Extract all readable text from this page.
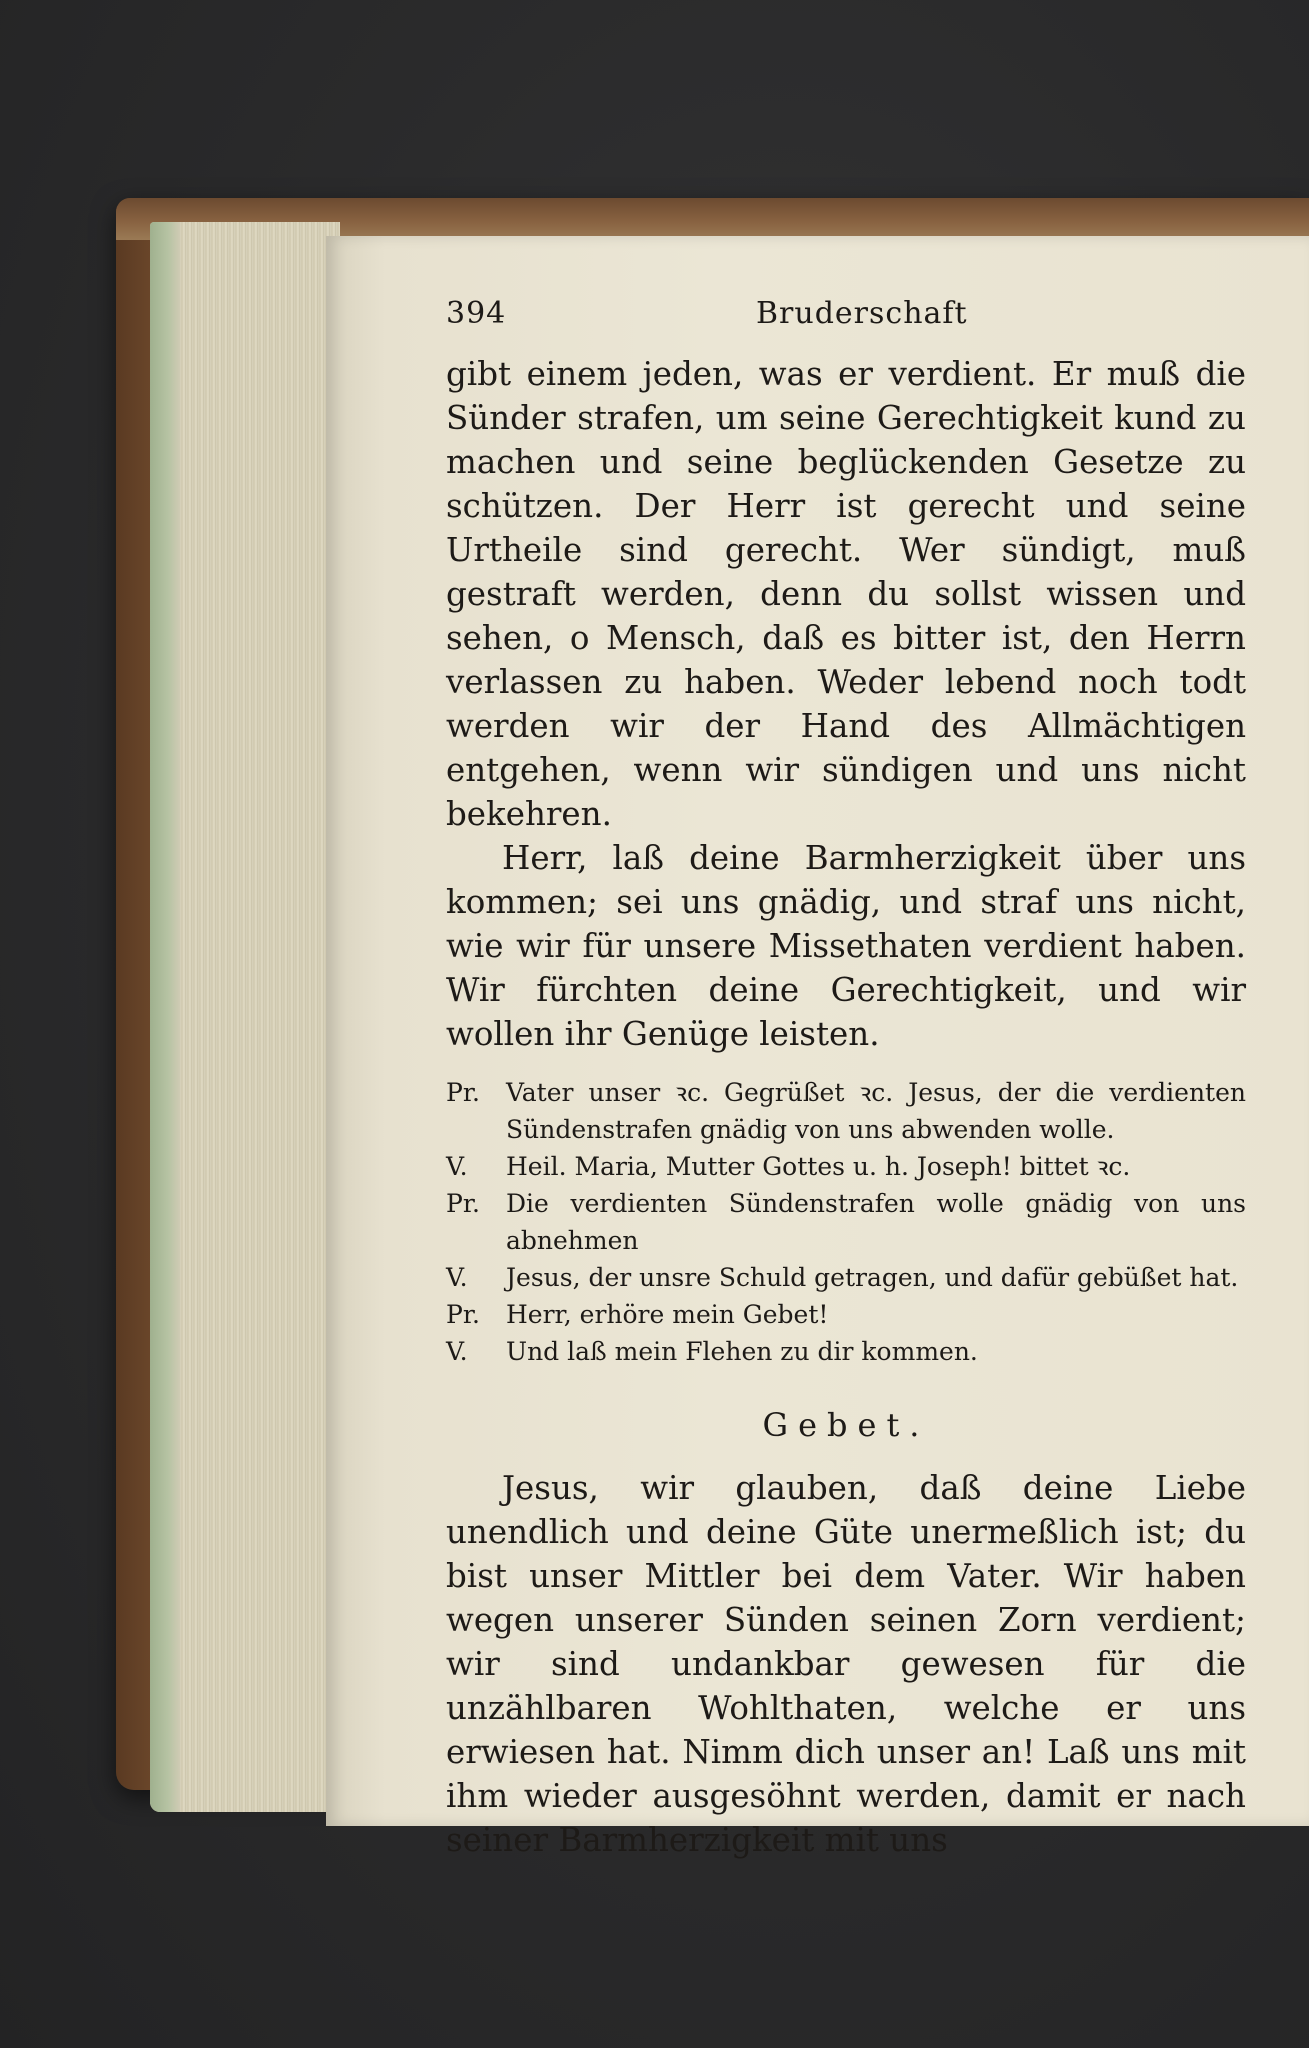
394	Bruderschaft

gibt einem jeden, was er verdient. Er muß die Sünder strafen, um seine Gerechtigkeit kund zu machen und seine beglückenden Gesetze zu schützen. Der Herr ist gerecht und seine Urtheile sind gerecht. Wer sündigt, muß gestraft werden, denn du sollst wissen und sehen, o Mensch, daß es bitter ist, den Herrn verlassen zu haben. Weder lebend noch todt werden wir der Hand des Allmächtigen entgehen, wenn wir sündigen und uns nicht bekehren.

Herr, laß deine Barmherzigkeit über uns kommen; sei uns gnädig, und straf uns nicht, wie wir für unsere Missethaten verdient haben. Wir fürchten deine Gerechtigkeit, und wir wollen ihr Genüge leisten.

Pr.	Vater unser ꝛc. Gegrüßet ꝛc. Jesus, der die verdienten Sündenstrafen gnädig von uns abwenden wolle.
V.	Heil. Maria, Mutter Gottes u. h. Joseph! bittet ꝛc.
Pr.	Die verdienten Sündenstrafen wolle gnädig von uns abnehmen
V.	Jesus, der unsre Schuld getragen, und dafür gebüßet hat.
Pr.	Herr, erhöre mein Gebet!
V.	Und laß mein Flehen zu dir kommen.
Gebet.

Jesus, wir glauben, daß deine Liebe unendlich und deine Güte unermeßlich ist; du bist unser Mittler bei dem Vater. Wir haben wegen unserer Sünden seinen Zorn verdient; wir sind undankbar gewesen für die unzählbaren Wohlthaten, welche er uns erwiesen hat. Nimm dich unser an! Laß uns mit ihm wieder ausgesöhnt werden, damit er nach seiner Barmherzigkeit mit uns
